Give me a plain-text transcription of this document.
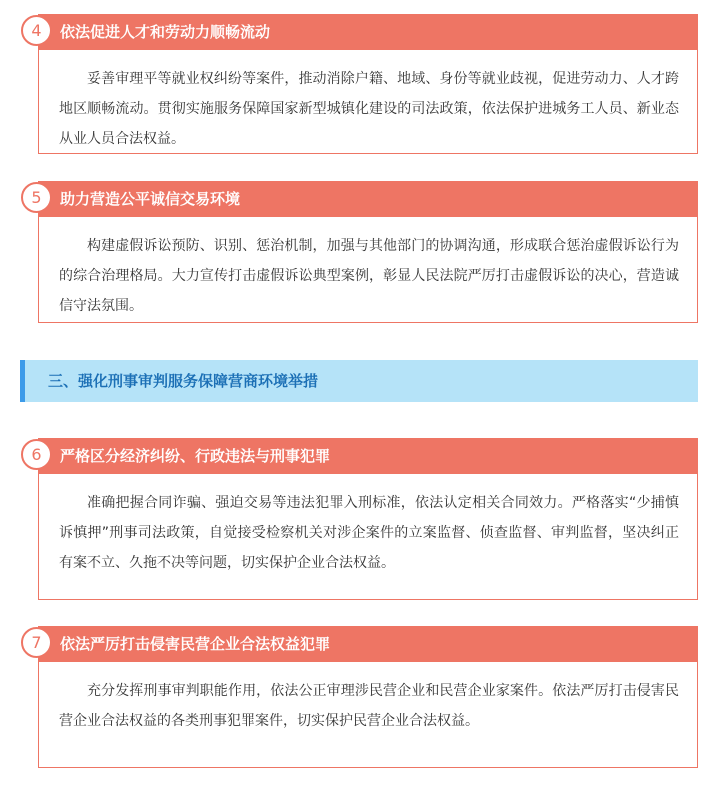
4	依法促进人才和劳动力顺畅流动

妥善审理平等就业权纠纷等案件，推动消除户籍、地域、身份等就业歧视，促进劳动力、人才跨地区顺畅流动。贯彻实施服务保障国家新型城镇化建设的司法政策，依法保护进城务工人员、新业态从业人员合法权益。

5	助力营造公平诚信交易环境

构建虚假诉讼预防、识别、惩治机制，加强与其他部门的协调沟通，形成联合惩治虚假诉讼行为的综合治理格局。大力宣传打击虚假诉讼典型案例，彰显人民法院严厉打击虚假诉讼的决心，营造诚信守法氛围。

三、强化刑事审判服务保障营商环境举措
6	严格区分经济纠纷、行政违法与刑事犯罪

准确把握合同诈骗、强迫交易等违法犯罪入刑标准，依法认定相关合同效力。严格落实“少捕慎诉慎押”刑事司法政策，自觉接受检察机关对涉企案件的立案监督、侦查监督、审判监督，坚决纠正有案不立、久拖不决等问题，切实保护企业合法权益。

7	依法严厉打击侵害民营企业合法权益犯罪

充分发挥刑事审判职能作用，依法公正审理涉民营企业和民营企业家案件。依法严厉打击侵害民营企业合法权益的各类刑事犯罪案件，切实保护民营企业合法权益。
